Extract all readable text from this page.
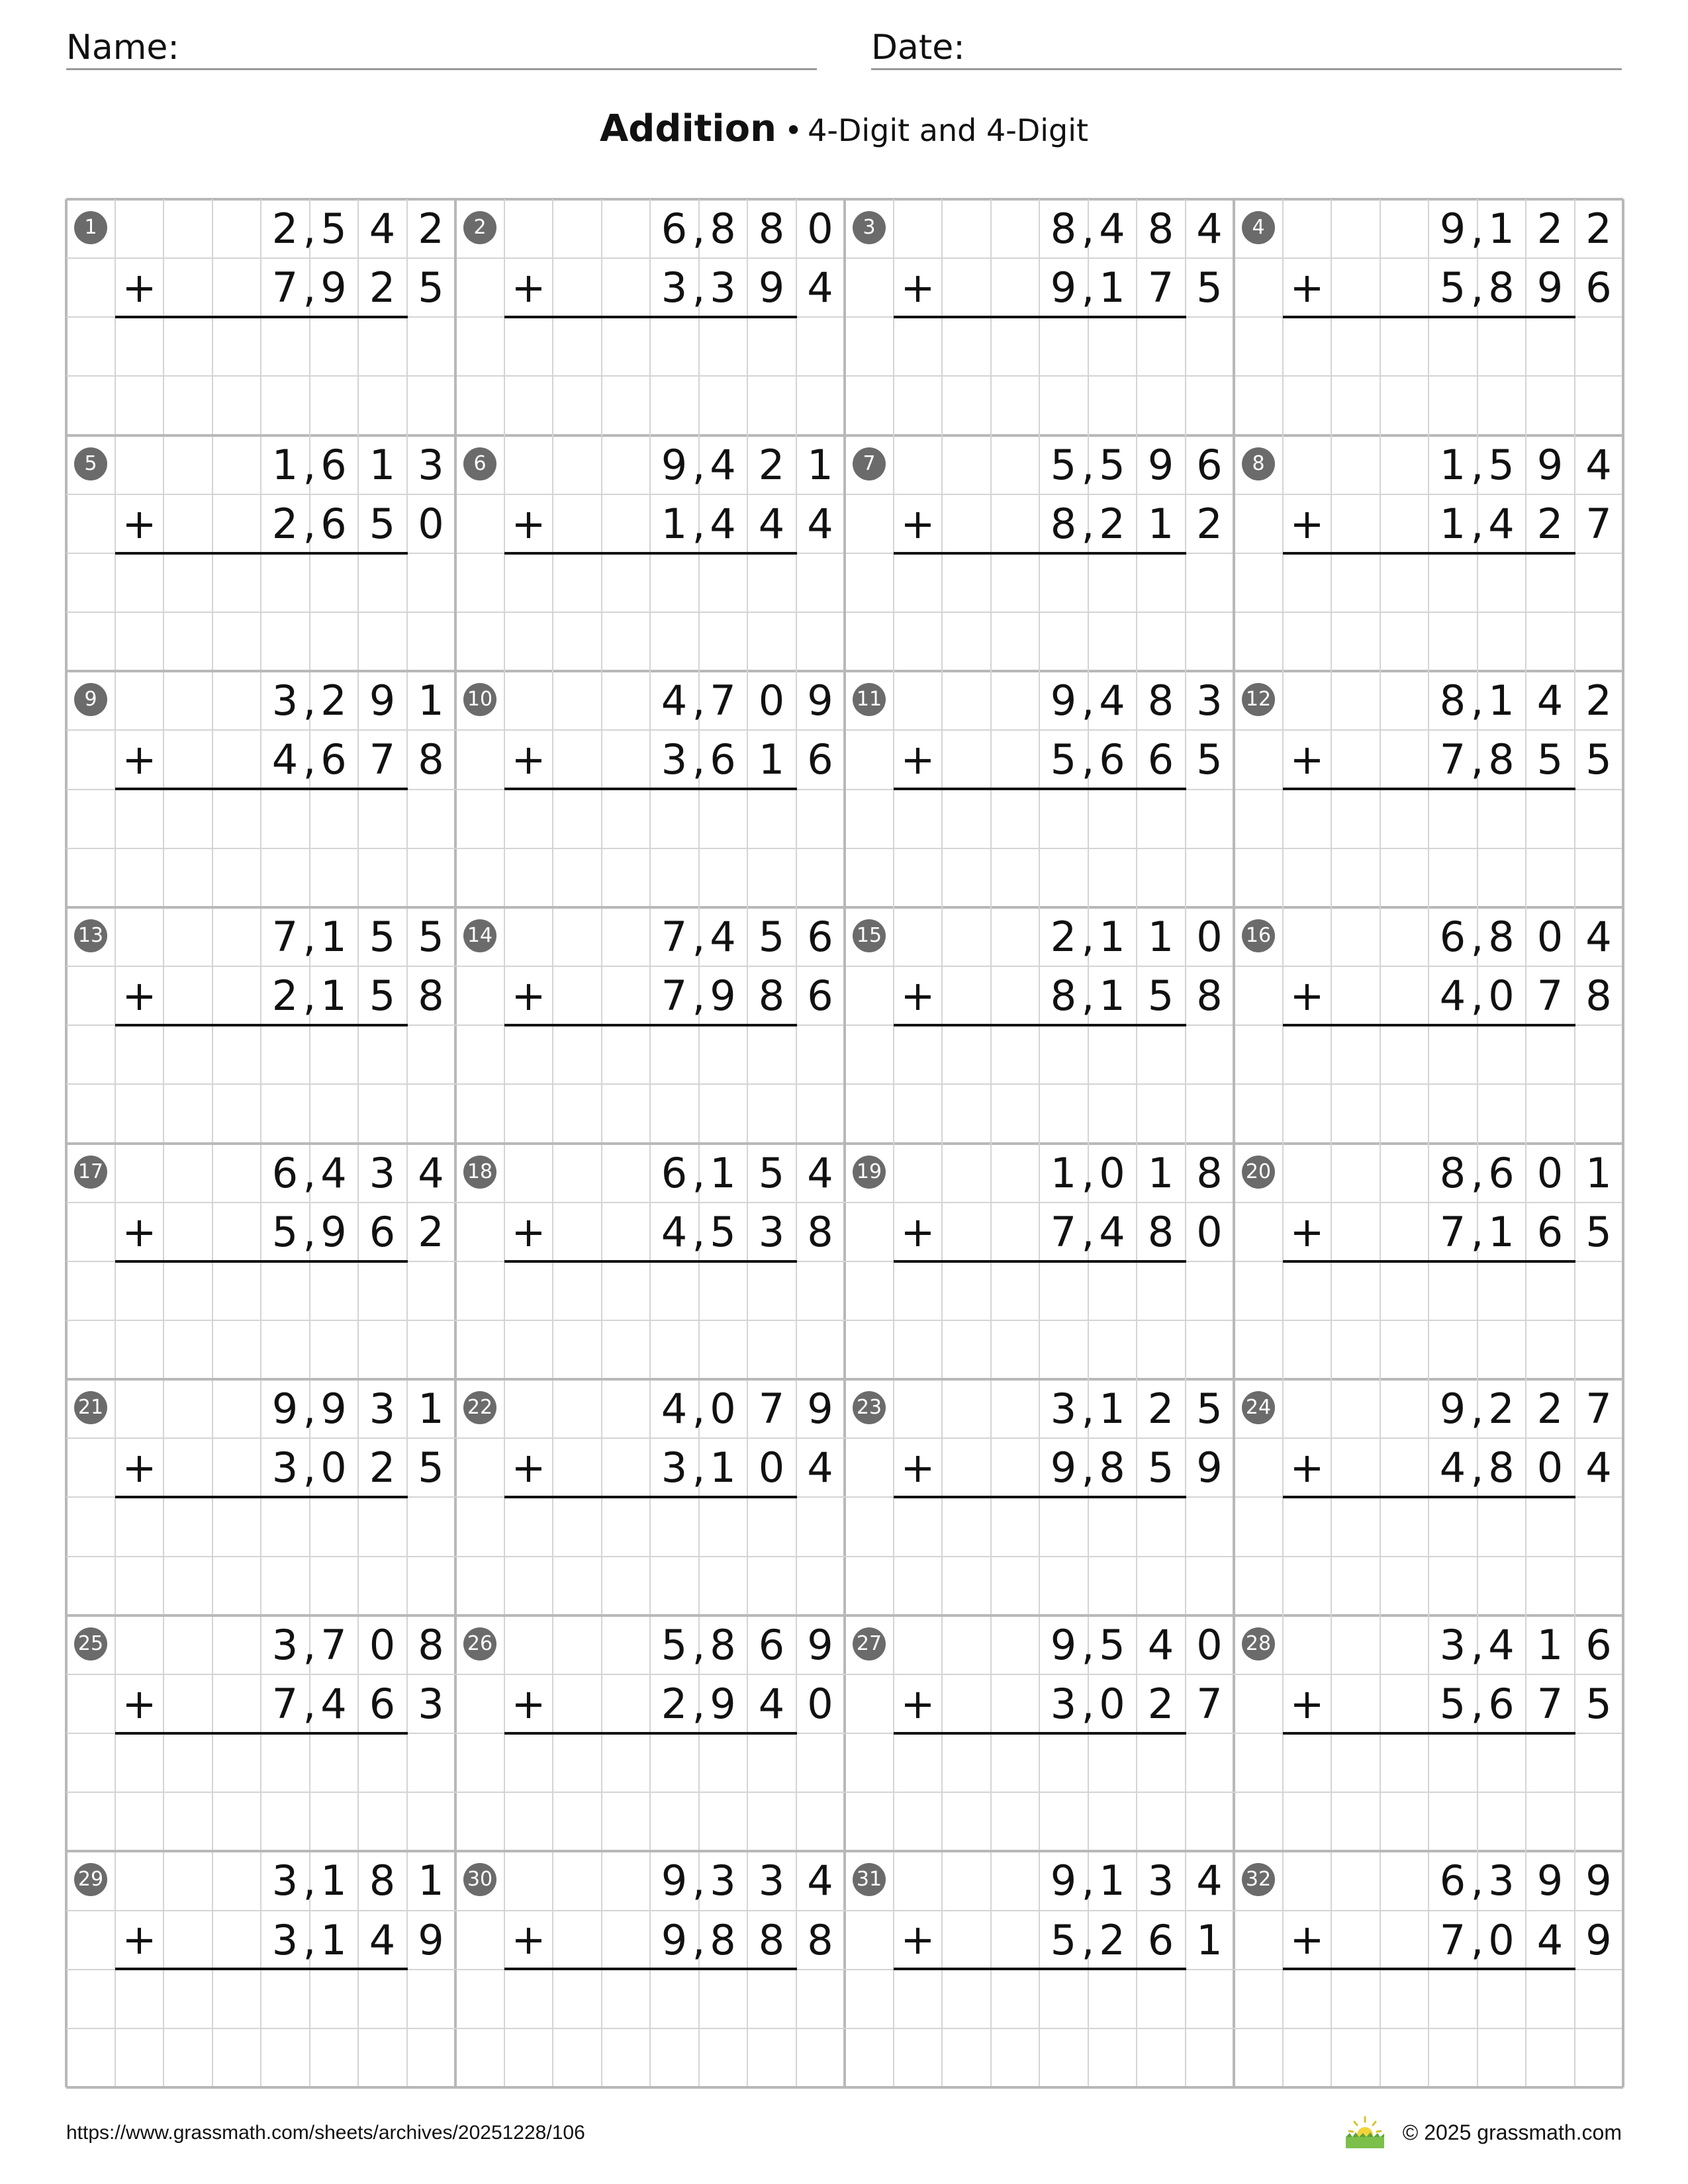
Name:	Date:
Addition • 4-Digit and 4-Digit
1	2 5 4 2
,
7 9 2 5
,
+
2	6 8 8 0
,
3 3 9 4
,
+
3	8 4 8 4
,
9 1 7 5
,
+
4	9 1 2 2
,
5 8 9 6
,
+
5	1 6 1 3
,
2 6 5 0
,
+
6	9 4 2 1
,
1 4 4 4
,
+
7	5 5 9 6
,
8 2 1 2
,
+
8	1 5 9 4
,
1 4 2 7
,
+
9	3 2 9 1
,
4 6 7 8
,
+
10	4 7 0 9
,
3 6 1 6
,
+
11	9 4 8 3
,
5 6 6 5
,
+
12	8 1 4 2
,
7 8 5 5
,
+
13	7 1 5 5
,
2 1 5 8
,
+
14	7 4 5 6
,
7 9 8 6
,
+
15	2 1 1 0
,
8 1 5 8
,
+
16	6 8 0 4
,
4 0 7 8
,
+
17	6 4 3 4
,
5 9 6 2
,
+
18	6 1 5 4
,
4 5 3 8
,
+
19	1 0 1 8
,
7 4 8 0
,
+
20	8 6 0 1
,
7 1 6 5
,
+
21	9 9 3 1
,
3 0 2 5
,
+
22	4 0 7 9
,
3 1 0 4
,
+
23	3 1 2 5
,
9 8 5 9
,
+
24	9 2 2 7
,
4 8 0 4
,
+
25	3 7 0 8
,
7 4 6 3
,
+
26	5 8 6 9
,
2 9 4 0
,
+
27	9 5 4 0
,
3 0 2 7
,
+
28	3 4 1 6
,
5 6 7 5
,
+
29	3 1 8 1
,
3 1 4 9
,
+
30	9 3 3 4
,
9 8 8 8
,
+
31	9 1 3 4
,
5 2 6 1
,
+
32	6 3 9 9
,
7 0 4 9
,
+
https://www.grassmath.com/sheets/archives/20251228/106	© 2025 grassmath.com
